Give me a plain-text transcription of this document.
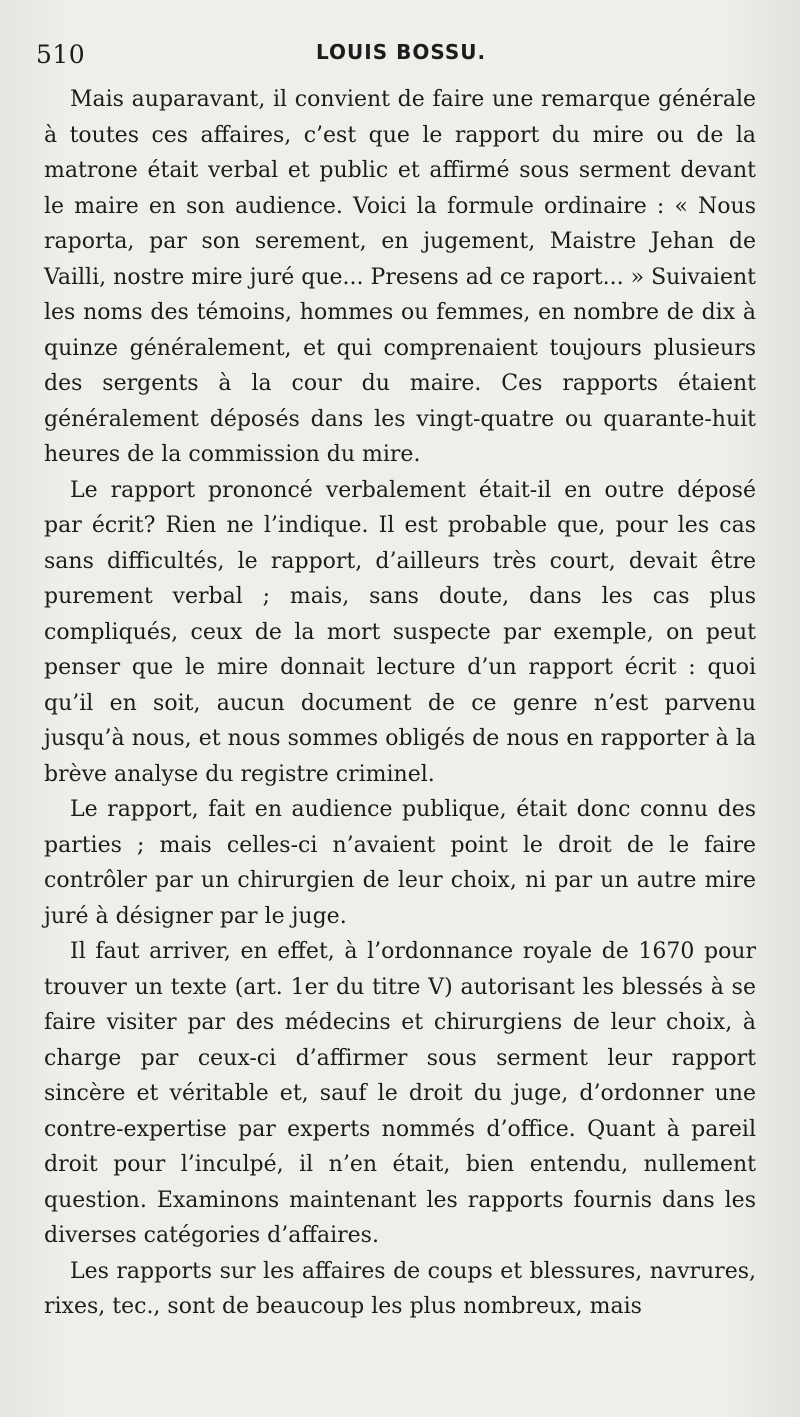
510	LOUIS BOSSU.

Mais auparavant, il convient de faire une remarque générale à toutes ces affaires, c’est que le rapport du mire ou de la matrone était verbal et public et affirmé sous serment devant le maire en son audience. Voici la formule ordinaire : « Nous raporta, par son serement, en jugement, Maistre Jehan de Vailli, nostre mire juré que... Presens ad ce raport... » Suivaient les noms des témoins, hommes ou femmes, en nombre de dix à quinze généralement, et qui comprenaient toujours plusieurs des sergents à la cour du maire. Ces rapports étaient généralement déposés dans les vingt-quatre ou quarante-huit heures de la commission du mire.

Le rapport prononcé verbalement était-il en outre déposé par écrit? Rien ne l’indique. Il est probable que, pour les cas sans difficultés, le rapport, d’ailleurs très court, devait être purement verbal ; mais, sans doute, dans les cas plus compliqués, ceux de la mort suspecte par exemple, on peut penser que le mire donnait lecture d’un rapport écrit : quoi qu’il en soit, aucun document de ce genre n’est parvenu jusqu’à nous, et nous sommes obligés de nous en rapporter à la brève analyse du registre criminel.

Le rapport, fait en audience publique, était donc connu des parties ; mais celles-ci n’avaient point le droit de le faire contrôler par un chirurgien de leur choix, ni par un autre mire juré à désigner par le juge.

Il faut arriver, en effet, à l’ordonnance royale de 1670 pour trouver un texte (art. 1er du titre V) autorisant les blessés à se faire visiter par des médecins et chirurgiens de leur choix, à charge par ceux-ci d’affirmer sous serment leur rapport sincère et véritable et, sauf le droit du juge, d’ordonner une contre-expertise par experts nommés d’office. Quant à pareil droit pour l’inculpé, il n’en était, bien entendu, nullement question. Examinons maintenant les rapports fournis dans les diverses catégories d’affaires.

Les rapports sur les affaires de coups et blessures, navrures, rixes, tec., sont de beaucoup les plus nombreux, mais
